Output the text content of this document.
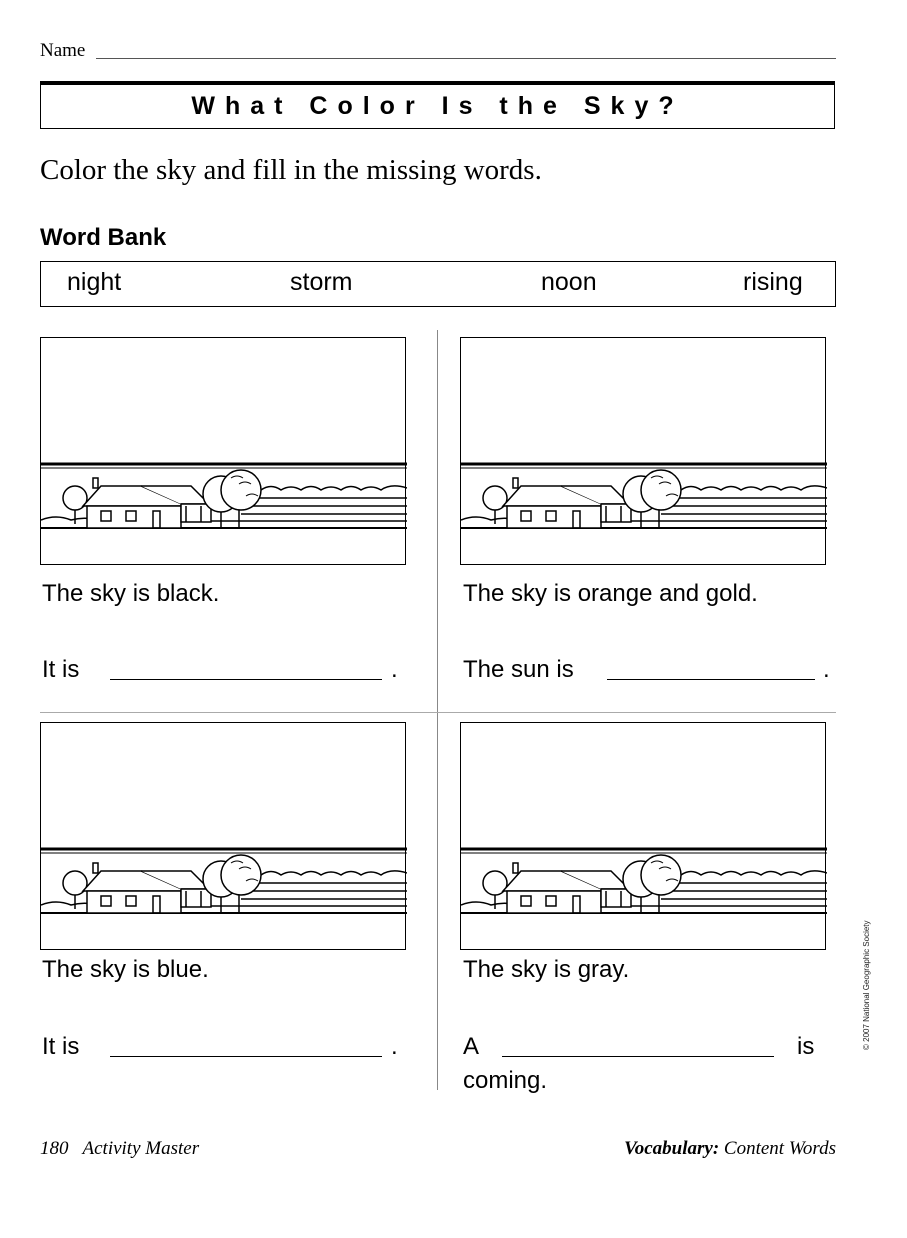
Name
What Color Is the Sky?
Color the sky and fill in the missing words.
Word Bank
night	storm	noon	rising
The sky is black.
It is	.
The sky is orange and gold.
The sun is	.
The sky is blue.
It is	.
The sky is gray.
A	is
coming.
180 Activity Master	Vocabulary: Content Words
© 2007 National Geographic Society
